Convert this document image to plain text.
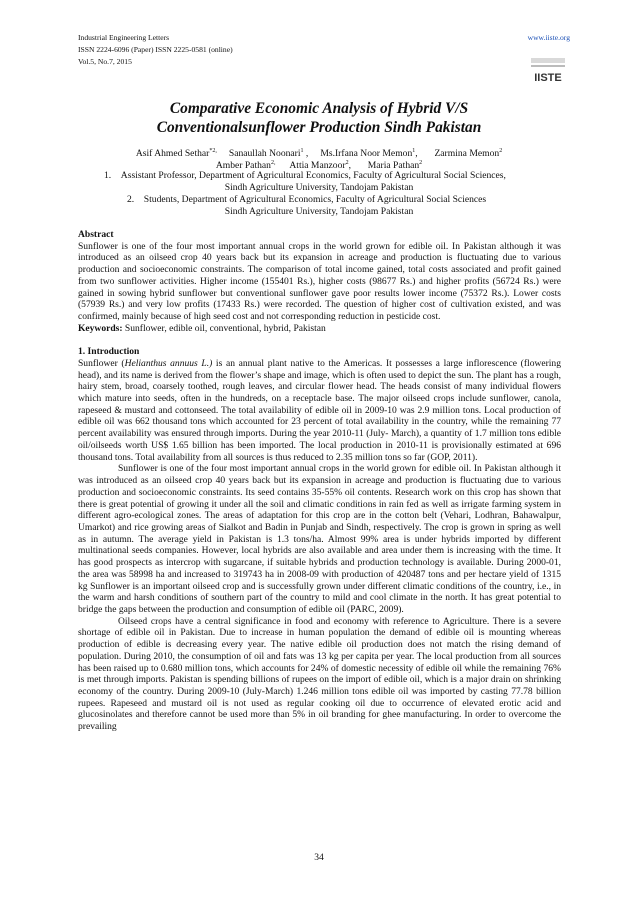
Industrial Engineering Letters
ISSN 2224-6096 (Paper) ISSN 2225-0581 (online)
Vol.5, No.7, 2015
www.iiste.org
IISTE
Comparative Economic Analysis of Hybrid V/S
Conventionalsunflower Production Sindh Pakistan
Asif Ahmed Sethar$^{*2,}$ Sanaullah Noonari$^1$ ,     Ms.Irfana Noor Memon$^1$,       Zarmina Memon$^2$
Amber Pathan$^{2,}$ Attia Manzoor$^2$,       Maria Pathan$^2$
1. Assistant Professor, Department of Agricultural Economics, Faculty of Agricultural Social Sciences,
Sindh Agriculture University, Tandojam Pakistan
2. Students, Department of Agricultural Economics, Faculty of Agricultural Social Sciences
Sindh Agriculture University, Tandojam Pakistan

Abstract

Sunflower is one of the four most important annual crops in the world grown for edible oil. In Pakistan although it was introduced as an oilseed crop 40 years back but its expansion in acreage and production is fluctuating due to various production and socioeconomic constraints. The comparison of total income gained, total costs associated and profit gained from two sunflower activities. Higher income (155401 Rs.), higher costs (98677 Rs.) and higher profits (56724 Rs.) were gained in sowing hybrid sunflower but conventional sunflower gave poor results lower income (75372 Rs.). Lower costs (57939 Rs.) and very low profits (17433 Rs.) were recorded. The question of higher cost of cultivation existed, and was confirmed, mainly because of high seed cost and not corresponding reduction in pesticide cost.

Keywords: Sunflower, edible oil, conventional, hybrid, Pakistan

1. Introduction

Sunflower (Helianthus annuus L.) is an annual plant native to the Americas. It possesses a large inflorescence (flowering head), and its name is derived from the flower’s shape and image, which is often used to depict the sun. The plant has a rough, hairy stem, broad, coarsely toothed, rough leaves, and circular flower head. The heads consist of many individual flowers which mature into seeds, often in the hundreds, on a receptacle base. The major oilseed crops include sunflower, canola, rapeseed & mustard and cottonseed. The total availability of edible oil in 2009-10 was 2.9 million tons. Local production of edible oil was 662 thousand tons which accounted for 23 percent of total availability in the country, while the remaining 77 percent availability was ensured through imports. During the year 2010-11 (July- March), a quantity of 1.7 million tons edible oil/oilseeds worth US$ 1.65 billion has been imported. The local production in 2010-11 is provisionally estimated at 696 thousand tons. Total availability from all sources is thus reduced to 2.35 million tons so far (GOP, 2011).

Sunflower is one of the four most important annual crops in the world grown for edible oil. In Pakistan although it was introduced as an oilseed crop 40 years back but its expansion in acreage and production is fluctuating due to various production and socioeconomic constraints. Its seed contains 35-55% oil contents. Research work on this crop has shown that there is great potential of growing it under all the soil and climatic conditions in rain fed as well as irrigate farming system in different agro-ecological zones. The areas of adaptation for this crop are in the cotton belt (Vehari, Lodhran, Bahawalpur, Umarkot) and rice growing areas of Sialkot and Badin in Punjab and Sindh, respectively. The crop is grown in spring as well as in autumn. The average yield in Pakistan is 1.3 tons/ha. Almost 99% area is under hybrids imported by different multinational seeds companies. However, local hybrids are also available and area under them is increasing with the time. It has good prospects as intercrop with sugarcane, if suitable hybrids and production technology is available. During 2000-01, the area was 58998 ha and increased to 319743 ha in 2008-09 with production of 420487 tons and per hectare yield of 1315 kg Sunflower is an important oilseed crop and is successfully grown under different climatic conditions of the country, i.e., in the warm and harsh conditions of southern part of the country to mild and cool climate in the north. It has great potential to bridge the gaps between the production and consumption of edible oil (PARC, 2009).

Oilseed crops have a central significance in food and economy with reference to Agriculture. There is a severe shortage of edible oil in Pakistan. Due to increase in human population the demand of edible oil is mounting whereas production of edible is decreasing every year. The native edible oil production does not match the rising demand of population. During 2010, the consumption of oil and fats was 13 kg per capita per year. The local production from all sources has been raised up to 0.680 million tons, which accounts for 24% of domestic necessity of edible oil while the remaining 76% is met through imports. Pakistan is spending billions of rupees on the import of edible oil, which is a major drain on shrinking economy of the country. During 2009-10 (July-March) 1.246 million tons edible oil was imported by casting 77.78 billion rupees. Rapeseed and mustard oil is not used as regular cooking oil due to occurrence of elevated erotic acid and glucosinolates and therefore cannot be used more than 5% in oil branding for ghee manufacturing. In order to overcome the prevailing

34
